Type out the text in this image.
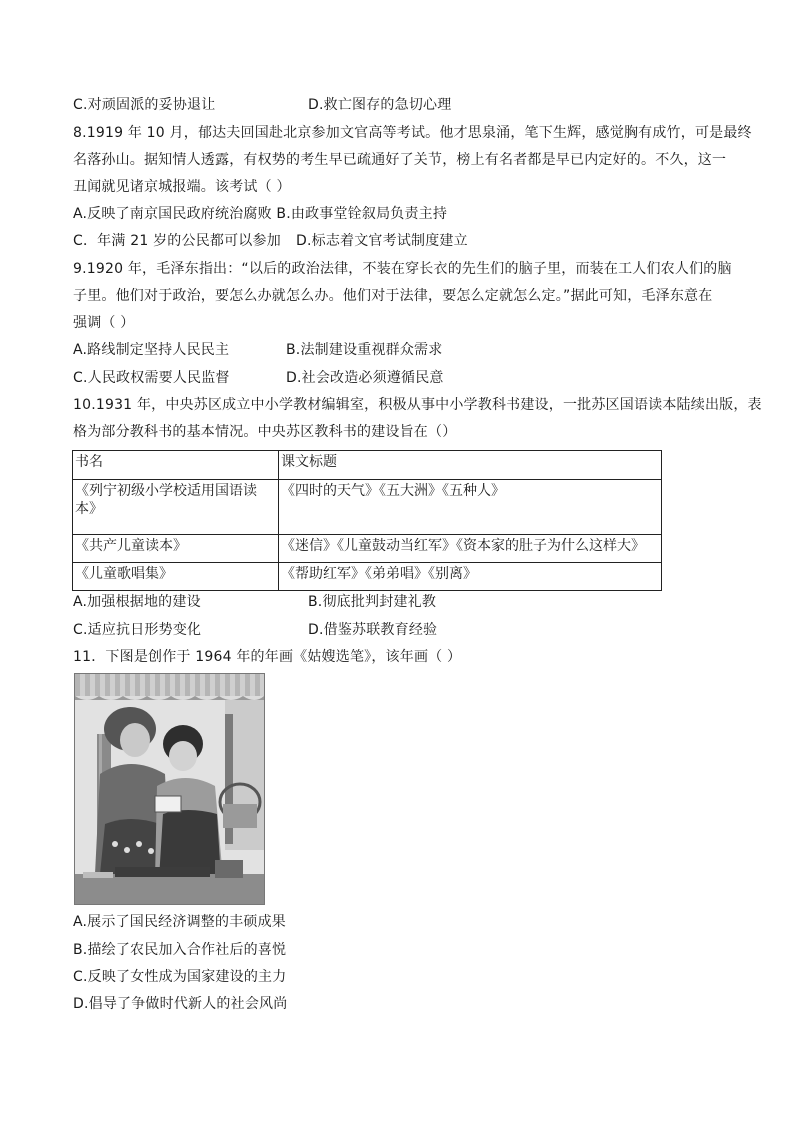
C.对顽固派的妥协退让	D.救亡图存的急切心理
8.1919 年 10 月，郁达夫回国赴北京参加文官高等考试。他才思泉涌，笔下生辉，感觉胸有成竹，可是最终
名落孙山。据知情人透露，有权势的考生早已疏通好了关节，榜上有名者都是早已内定好的。不久，这一
丑闻就见诸京城报端。该考试（ ）
A.反映了南京国民政府统治腐败 B.由政事堂铨叙局负责主持
C．年满 21 岁的公民都可以参加 D.标志着文官考试制度建立
9.1920 年，毛泽东指出：“以后的政治法律，不装在穿长衣的先生们的脑子里，而装在工人们农人们的脑
子里。他们对于政治，要怎么办就怎么办。他们对于法律，要怎么定就怎么定。”据此可知，毛泽东意在
强调（ ）
A.路线制定坚持人民民主	B.法制建设重视群众需求
C.人民政权需要人民监督	D.社会改造必须遵循民意
10.1931 年，中央苏区成立中小学教材编辑室，积极从事中小学教科书建设，一批苏区国语读本陆续出版，表
格为部分教科书的基本情况。中央苏区教科书的建设旨在（）
书名	课文标题
《列宁初级小学校适用国语读本》	《四时的天气》《五大洲》《五种人》
《共产儿童读本》	《迷信》《儿童鼓动当红军》《资本家的肚子为什么这样大》
《儿童歌唱集》	《帮助红军》《弟弟唱》《别离》
A.加强根据地的建设	B.彻底批判封建礼教
C.适应抗日形势变化	D.借鉴苏联教育经验
11．下图是创作于 1964 年的年画《姑嫂选笔》，该年画（ ）
A.展示了国民经济调整的丰硕成果
B.描绘了农民加入合作社后的喜悦
C.反映了女性成为国家建设的主力
D.倡导了争做时代新人的社会风尚
